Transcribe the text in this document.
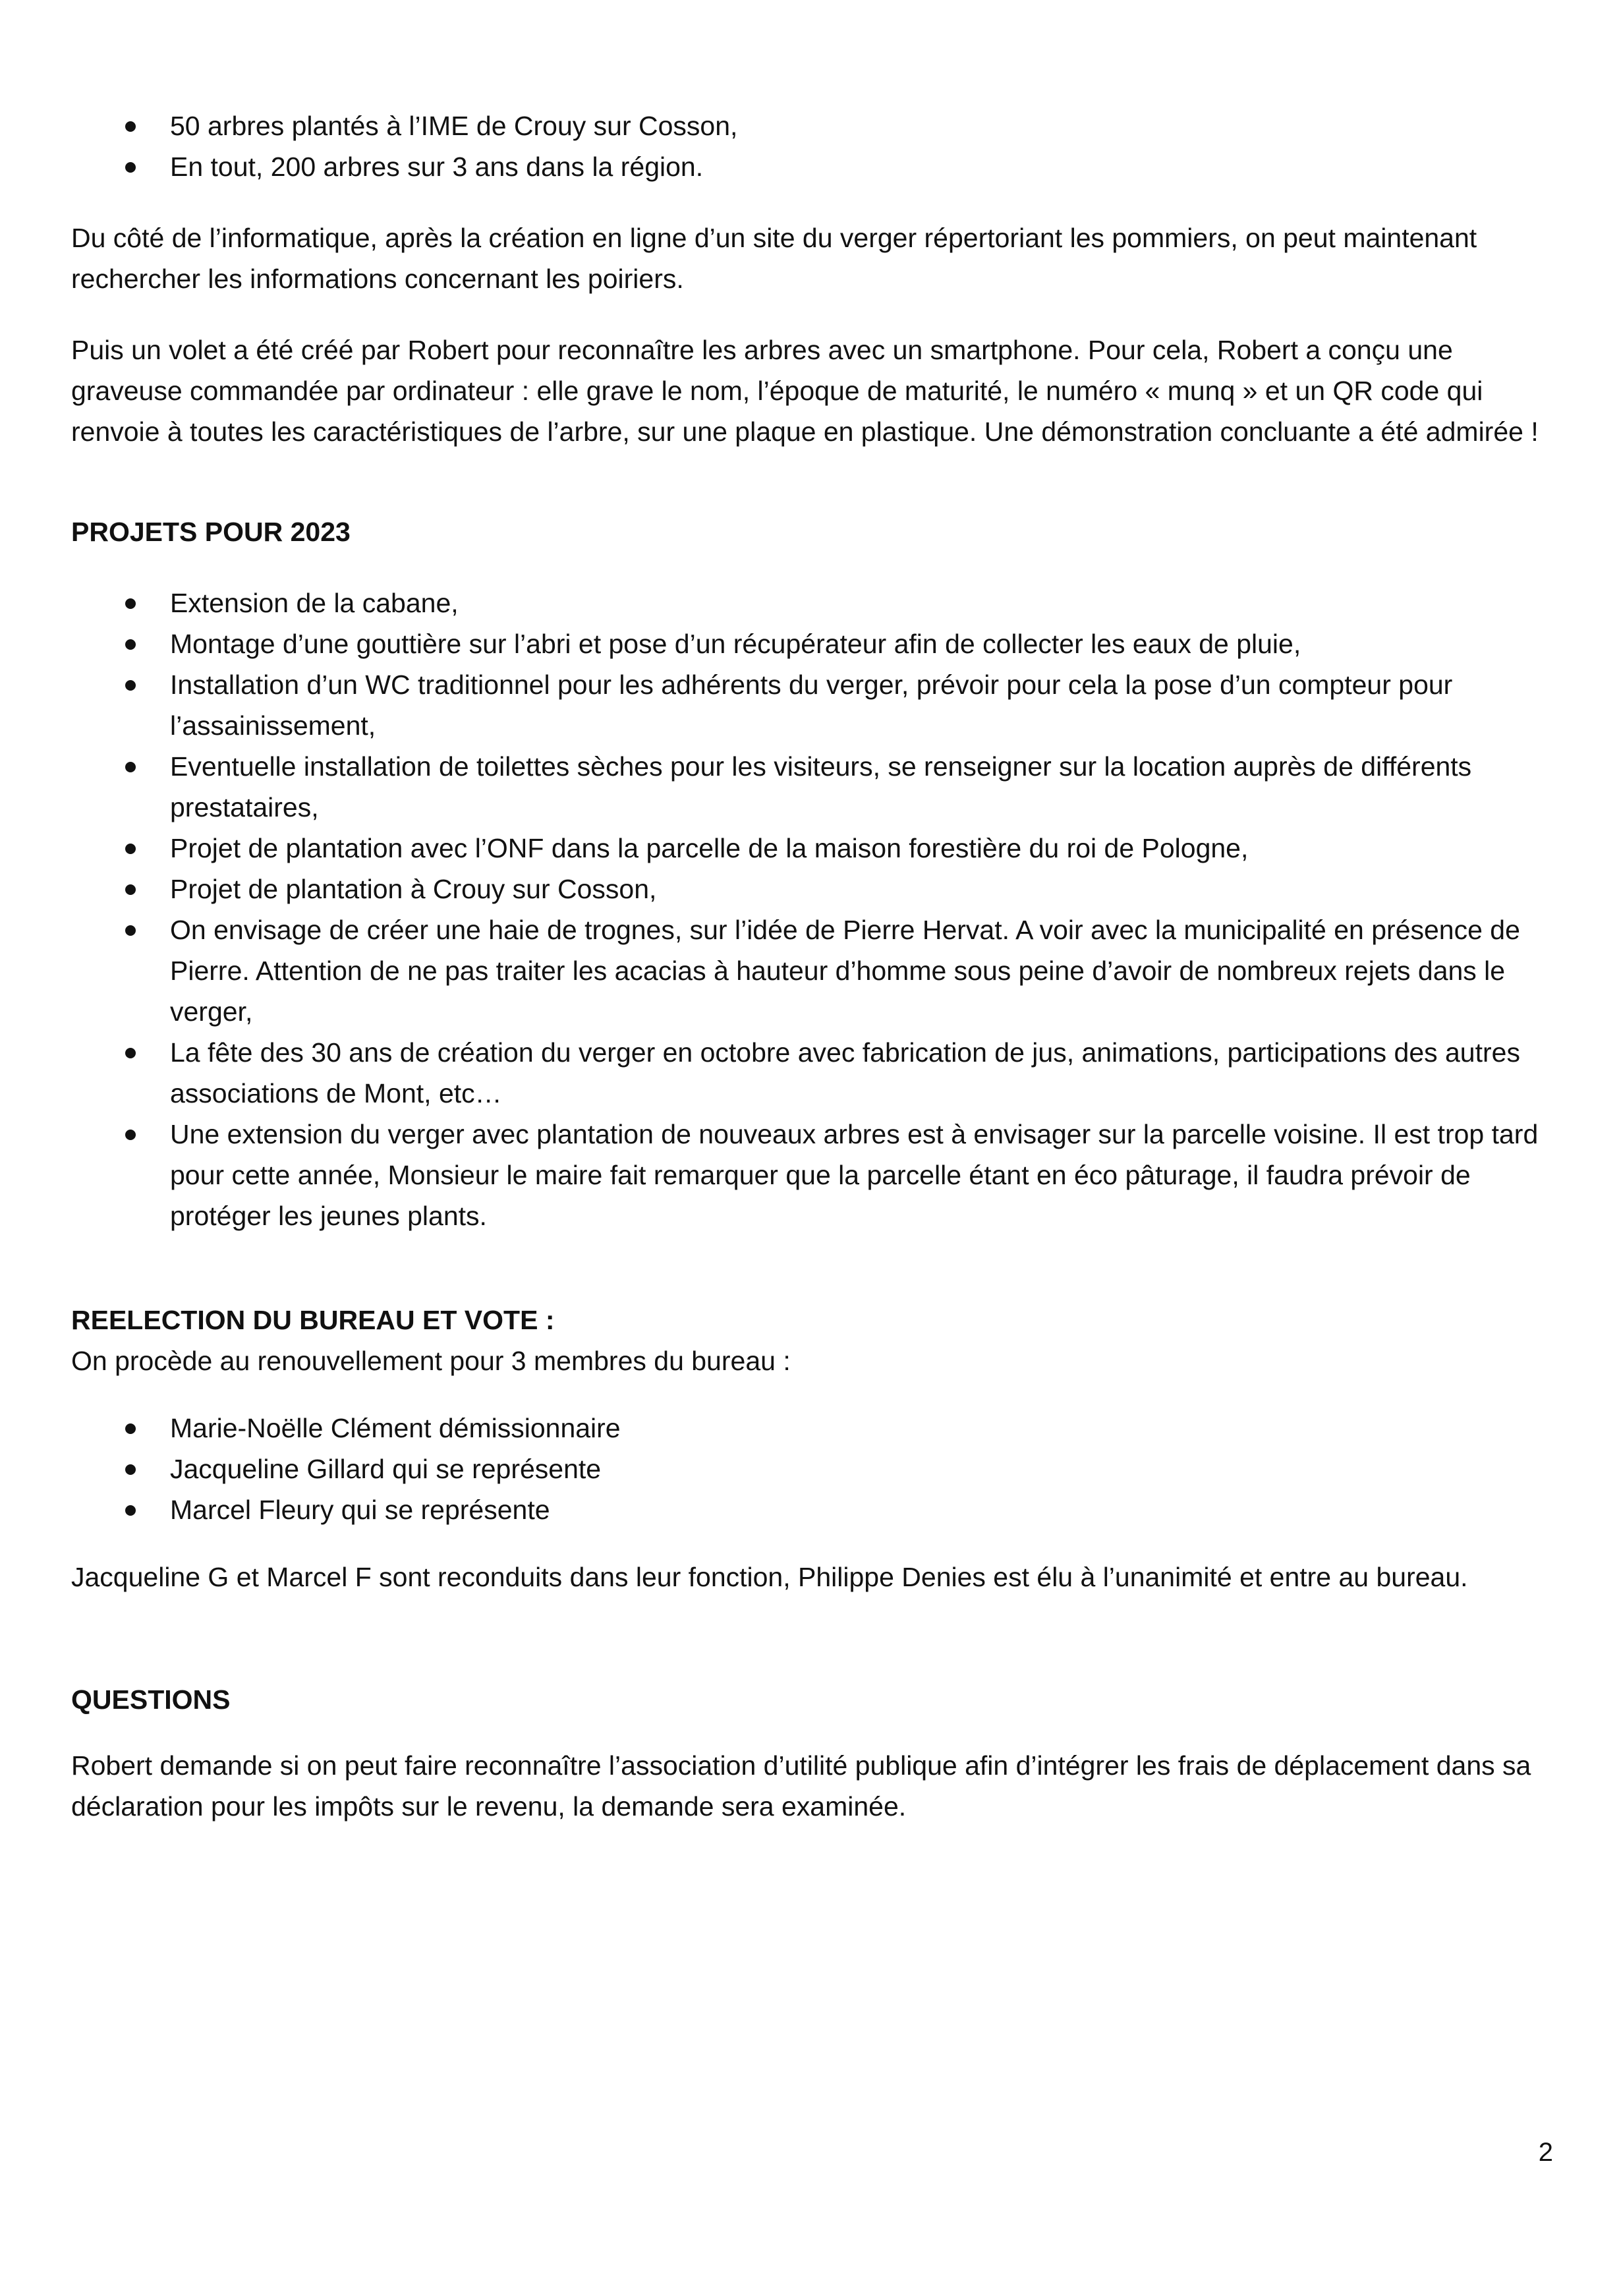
50 arbres plantés à l’IME de Crouy sur Cosson,
En tout, 200 arbres sur 3 ans dans la région.

Du côté de l’informatique, après la création en ligne d’un site du verger répertoriant les pommiers, on peut maintenant rechercher les informations concernant les poiriers.

Puis un volet a été créé par Robert pour reconnaître les arbres avec un smartphone. Pour cela, Robert a conçu une graveuse commandée par ordinateur : elle grave le nom, l’époque de maturité, le numéro « munq » et un QR code qui renvoie à toutes les caractéristiques de l’arbre, sur une plaque en plastique. Une démonstration concluante a été admirée !

PROJETS POUR 2023
Extension de la cabane,
Montage d’une gouttière sur l’abri et pose d’un récupérateur afin de collecter les eaux de pluie,
Installation d’un WC traditionnel pour les adhérents du verger, prévoir pour cela la pose d’un compteur pour l’assainissement,
Eventuelle installation de toilettes sèches pour les visiteurs, se renseigner sur la location auprès de différents prestataires,
Projet de plantation avec l’ONF dans la parcelle de la maison forestière du roi de Pologne,
Projet de plantation à Crouy sur Cosson,
On envisage de créer une haie de trognes, sur l’idée de Pierre Hervat. A voir avec la municipalité en présence de Pierre. Attention de ne pas traiter les acacias à hauteur d’homme sous peine d’avoir de nombreux rejets dans le verger,
La fête des 30 ans de création du verger en octobre avec fabrication de jus, animations, participations des autres associations de Mont, etc…
Une extension du verger avec plantation de nouveaux arbres est à envisager sur la parcelle voisine. Il est trop tard pour cette année, Monsieur le maire fait remarquer que la parcelle étant en éco pâturage, il faudra prévoir de protéger les jeunes plants.
REELECTION DU BUREAU ET VOTE :

On procède au renouvellement pour 3 membres du bureau :

Marie-Noëlle Clément démissionnaire
Jacqueline Gillard qui se représente
Marcel Fleury qui se représente

Jacqueline G et Marcel F sont reconduits dans leur fonction, Philippe Denies est élu à l’unanimité et entre au bureau.

QUESTIONS

Robert demande si on peut faire reconnaître l’association d’utilité publique afin d’intégrer les frais de déplacement dans sa déclaration pour les impôts sur le revenu, la demande sera examinée.

2
